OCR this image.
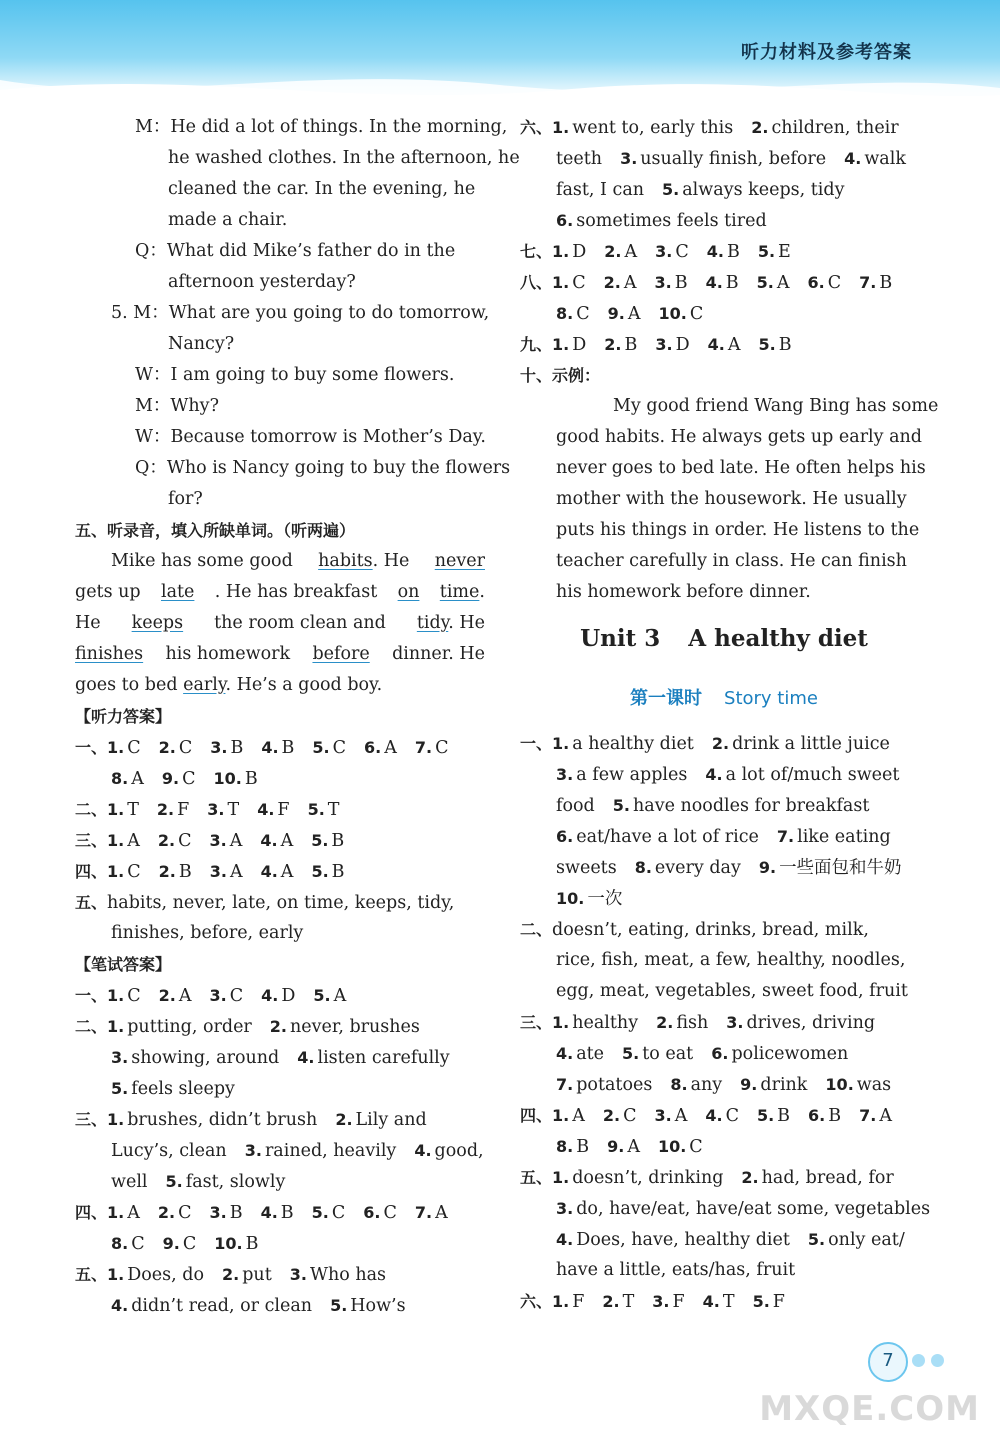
听力材料及参考答案
M：He did a lot of things. In the morning,
he washed clothes. In the afternoon, he
cleaned the car. In the evening, he
made a chair.
Q：What did Mike’s father do in the
afternoon yesterday?
5. M：What are you going to do tomorrow,
Nancy?
W：I am going to buy some flowers.
M：Why?
W：Because tomorrow is Mother’s Day.
Q：Who is Nancy going to buy the flowers
for?
五、听录音，填入所缺单词。（听两遍）
Mike has some good habits. He never
gets up late . He has breakfast on time.
He keeps the room clean and tidy. He
finishes his homework before dinner. He
goes to bed early. He’s a good boy.
【听力答案】
一、1. C 2. C 3. B 4. B 5. C 6. A 7. C
8. A 9. C 10. B
二、1. T 2. F 3. T 4. F 5. T
三、1. A 2. C 3. A 4. A 5. B
四、1. C 2. B 3. A 4. A 5. B
五、habits, never, late, on time, keeps, tidy,
finishes, before, early
【笔试答案】
一、1. C 2. A 3. C 4. D 5. A
二、1. putting, order 2. never, brushes
3. showing, around 4. listen carefully
5. feels sleepy
三、1. brushes, didn’t brush 2. Lily and
Lucy’s, clean 3. rained, heavily 4. good,
well 5. fast, slowly
四、1. A 2. C 3. B 4. B 5. C 6. C 7. A
8. C 9. C 10. B
五、1. Does, do 2. put 3. Who has
4. didn’t read, or clean 5. How’s
六、1. went to, early this 2. children, their
teeth 3. usually finish, before 4. walk
fast, I can 5. always keeps, tidy
6. sometimes feels tired
七、1. D 2. A 3. C 4. B 5. E
八、1. C 2. A 3. B 4. B 5. A 6. C 7. B
8. C 9. A 10. C
九、1. D 2. B 3. D 4. A 5. B
十、示例：
My good friend Wang Bing has some
good habits. He always gets up early and
never goes to bed late. He often helps his
mother with the housework. He usually
puts his things in order. He listens to the
teacher carefully in class. He can finish
his homework before dinner.
Unit 3 A healthy diet
第一课时 Story time
一、1. a healthy diet 2. drink a little juice
3. a few apples 4. a lot of/much sweet
food 5. have noodles for breakfast
6. eat/have a lot of rice 7. like eating
sweets 8. every day 9. 一些面包和牛奶
10. 一次
二、doesn’t, eating, drinks, bread, milk,
rice, fish, meat, a few, healthy, noodles,
egg, meat, vegetables, sweet food, fruit
三、1. healthy 2. fish 3. drives, driving
4. ate 5. to eat 6. policewomen
7. potatoes 8. any 9. drink 10. was
四、1. A 2. C 3. A 4. C 5. B 6. B 7. A
8. B 9. A 10. C
五、1. doesn’t, drinking 2. had, bread, for
3. do, have/eat, have/eat some, vegetables
4. Does, have, healthy diet 5. only eat/
have a little, eats/has, fruit
六、1. F 2. T 3. F 4. T 5. F
7
MXQE.COM
